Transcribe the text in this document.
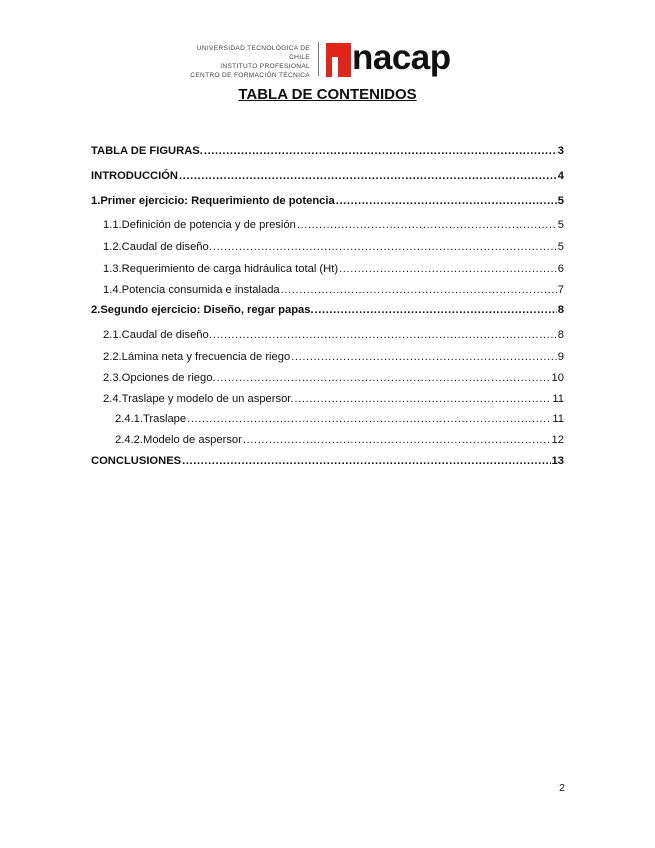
UNIVERSIDAD TECNOLÓGICA DE CHILE
INSTITUTO PROFESIONAL
CENTRO DE FORMACIÓN TÉCNICA nacap
TABLA DE CONTENIDOS
TABLA DE FIGURAS. .....	3
INTRODUCCIÓN .....	4
1. Primer ejercicio: Requerimiento de potencia .....	5
1.1. Definición de potencia y de presión .....	5
1.2. Caudal de diseño. .....	5
1.3. Requerimiento de carga hidráulica total (Ht) .....	6
1.4. Potencia consumida e instalada .....	7
2. Segundo ejercicio: Diseño, regar papas. .....	8
2.1. Caudal de diseño. .....	8
2.2. Lámina neta y frecuencia de riego .....	9
2.3. Opciones de riego. .....	10
2.4. Traslape y modelo de un aspersor. .....	11
2.4.1. Traslape .....	11
2.4.2. Modelo de aspersor .....	12
CONCLUSIONES .....	13
2
